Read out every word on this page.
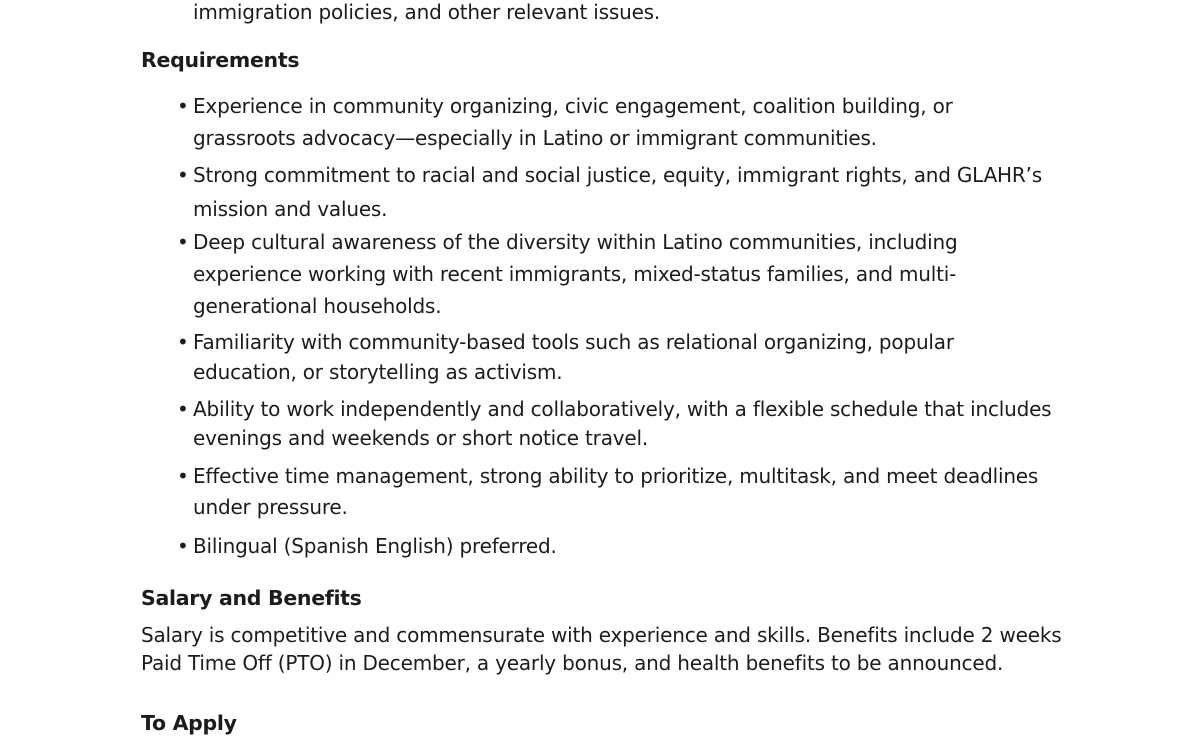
immigration policies, and other relevant issues.
Requirements
• Experience in community organizing, civic engagement, coalition building, or grassroots advocacy—especially in Latino or immigrant communities.
• Strong commitment to racial and social justice, equity, immigrant rights, and GLAHR’s mission and values.
• Deep cultural awareness of the diversity within Latino communities, including experience working with recent immigrants, mixed-status families, and multi-generational households.
• Familiarity with community-based tools such as relational organizing, popular education, or storytelling as activism.
• Ability to work independently and collaboratively, with a flexible schedule that includes evenings and weekends or short notice travel.
• Effective time management, strong ability to prioritize, multitask, and meet deadlines under pressure.
• Bilingual (Spanish English) preferred.
Salary and Benefits
Salary is competitive and commensurate with experience and skills. Benefits include 2 weeks Paid Time Off (PTO) in December, a yearly bonus, and health benefits to be announced.
To Apply
